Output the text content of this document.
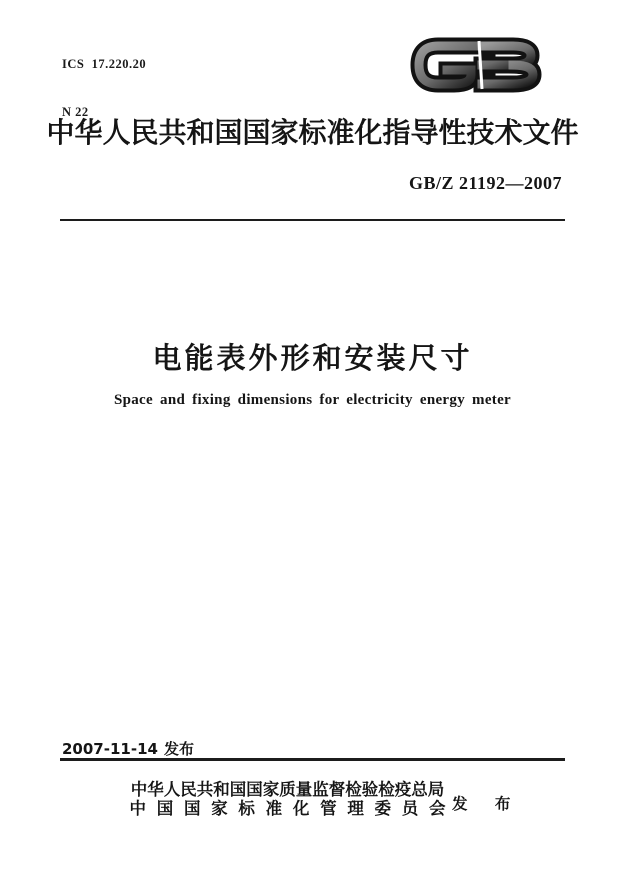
ICS  17.220.20

N 22

中华人民共和国国家标准化指导性技术文件
GB/Z 21192—2007
电能表外形和安装尺寸
Space and fixing dimensions for electricity energy meter
2007-11-14 发布
中华人民共和国国家质量监督检验检疫总局
中国国家标准化管理委员会 发 布
